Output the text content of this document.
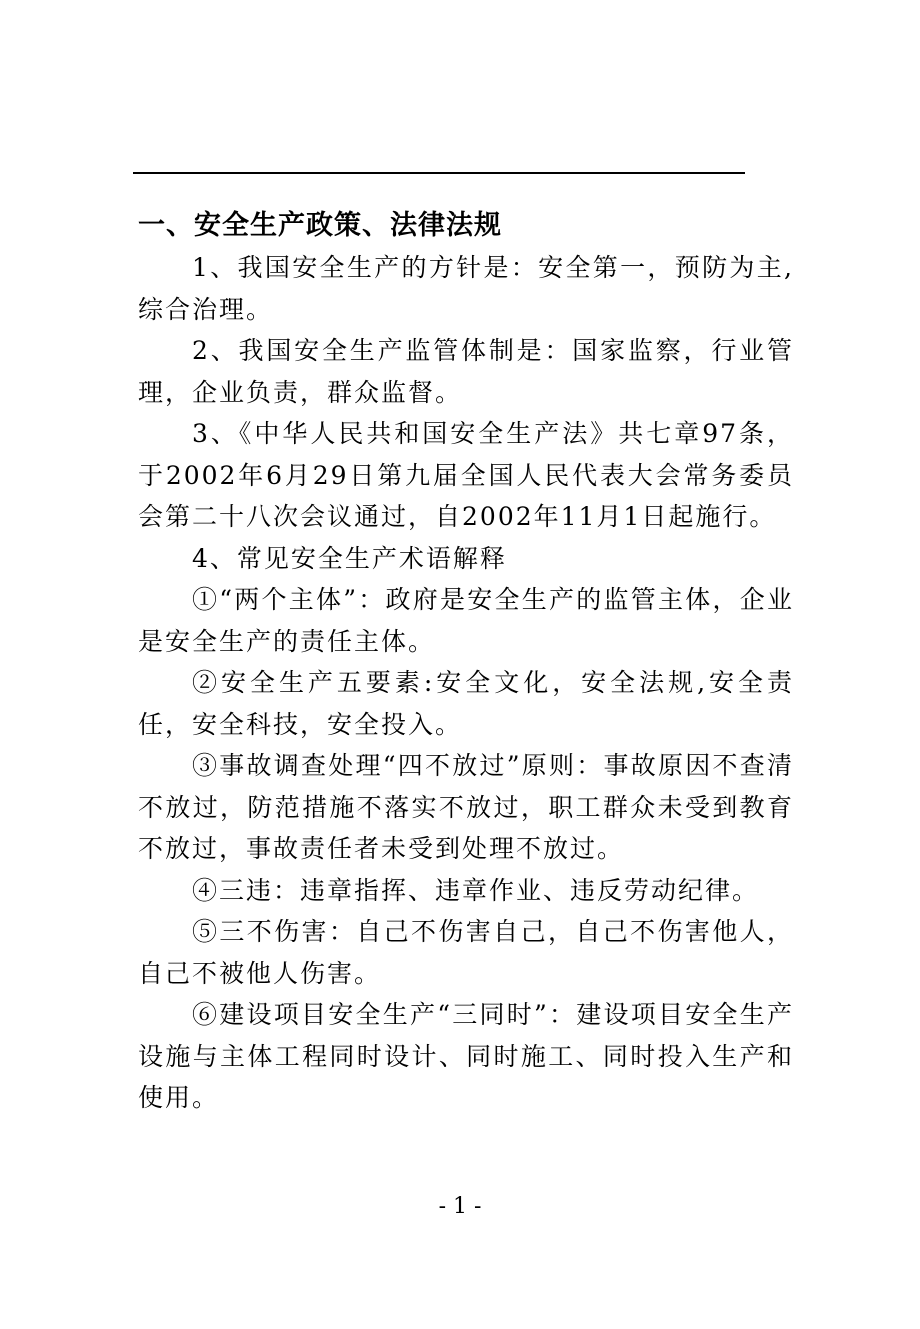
一、安全生产政策、法律法规

1、我国安全生产的方针是：安全第一，预防为主,综合治理。

2、我国安全生产监管体制是：国家监察，行业管理，企业负责，群众监督。

3、《中华人民共和国安全生产法》共七章97条，于2002年6月29日第九届全国人民代表大会常务委员会第二十八次会议通过，自2002年11月1日起施行。

4、常见安全生产术语解释

①“两个主体”：政府是安全生产的监管主体，企业是安全生产的责任主体。

②安全生产五要素:安全文化，安全法规,安全责任，安全科技，安全投入。

③事故调查处理“四不放过”原则：事故原因不查清不放过，防范措施不落实不放过，职工群众未受到教育不放过，事故责任者未受到处理不放过。

④三违：违章指挥、违章作业、违反劳动纪律。

⑤三不伤害：自己不伤害自己，自己不伤害他人，自己不被他人伤害。

⑥建设项目安全生产“三同时”：建设项目安全生产设施与主体工程同时设计、同时施工、同时投入生产和使用。

- 1 -
